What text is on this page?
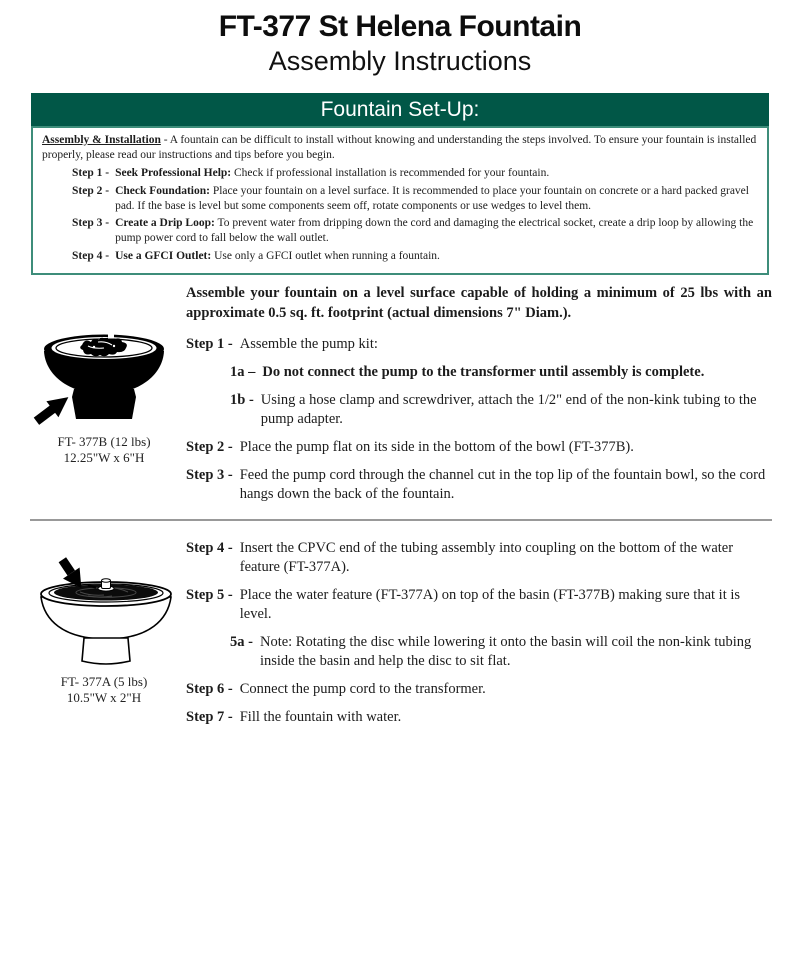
FT-377 St Helena Fountain
Assembly Instructions
Fountain Set-Up:

Assembly & Installation - A fountain can be difficult to install without knowing and understanding the steps involved. To ensure your fountain is installed properly, please read our instructions and tips before you begin.

Step 1 - Seek Professional Help: Check if professional installation is recommended for your fountain.
Step 2 - Check Foundation: Place your fountain on a level surface. It is recommended to place your fountain on concrete or a hard packed gravel pad. If the base is level but some components seem off, rotate components or use wedges to level them.
Step 3 - Create a Drip Loop: To prevent water from dripping down the cord and damaging the electrical socket, create a drip loop by allowing the pump power cord to fall below the wall outlet.
Step 4 - Use a GFCI Outlet: Use only a GFCI outlet when running a fountain.
FT- 377B (12 lbs)
12.25"W x 6"H

Assemble your fountain on a level surface capable of holding a minimum of 25 lbs with an approximate 0.5 sq. ft. footprint (actual dimensions 7" Diam.).

Step 1 - Assemble the pump kit:
1a – Do not connect the pump to the transformer until assembly is complete.
1b - Using a hose clamp and screwdriver, attach the 1/2" end of the non-kink tubing to the pump adapter.
Step 2 - Place the pump flat on its side in the bottom of the bowl (FT-377B).
Step 3 - Feed the pump cord through the channel cut in the top lip of the fountain bowl, so the cord hangs down the back of the fountain.
FT- 377A (5 lbs)
10.5"W x 2"H
Step 4 - Insert the CPVC end of the tubing assembly into coupling on the bottom of the water feature (FT-377A).
Step 5 - Place the water feature (FT-377A) on top of the basin (FT-377B) making sure that it is level.
5a - Note: Rotating the disc while lowering it onto the basin will coil the non-kink tubing inside the basin and help the disc to sit flat.
Step 6 - Connect the pump cord to the transformer.
Step 7 - Fill the fountain with water.
